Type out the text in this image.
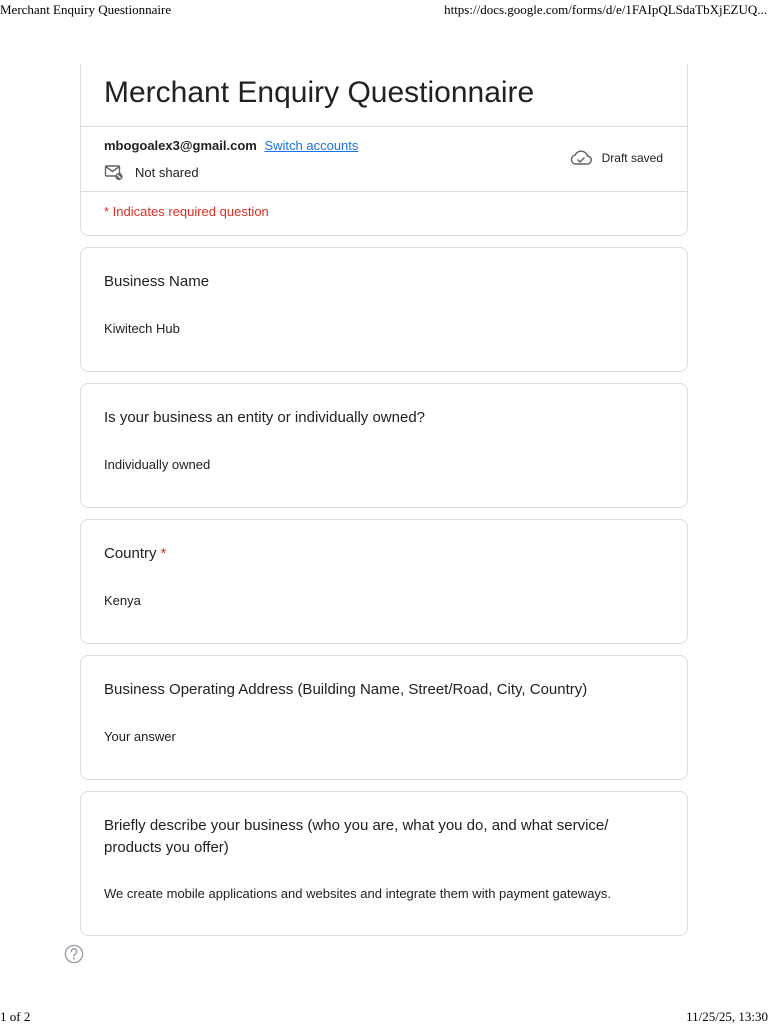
Merchant Enquiry Questionnaire	https://docs.google.com/forms/d/e/1FAIpQLSdaTbXjEZUQ...
Merchant Enquiry Questionnaire
mbogoalex3@gmail.com Switch accounts
Not shared
Draft saved
* Indicates required question
Business Name
Kiwitech Hub
Is your business an entity or individually owned?
Individually owned
Country *
Kenya
Business Operating Address (Building Name, Street/Road, City, Country)
Your answer
Briefly describe your business (who you are, what you do, and what service/ products you offer)
We create mobile applications and websites and integrate them with payment gateways.
1 of 2	11/25/25, 13:30
